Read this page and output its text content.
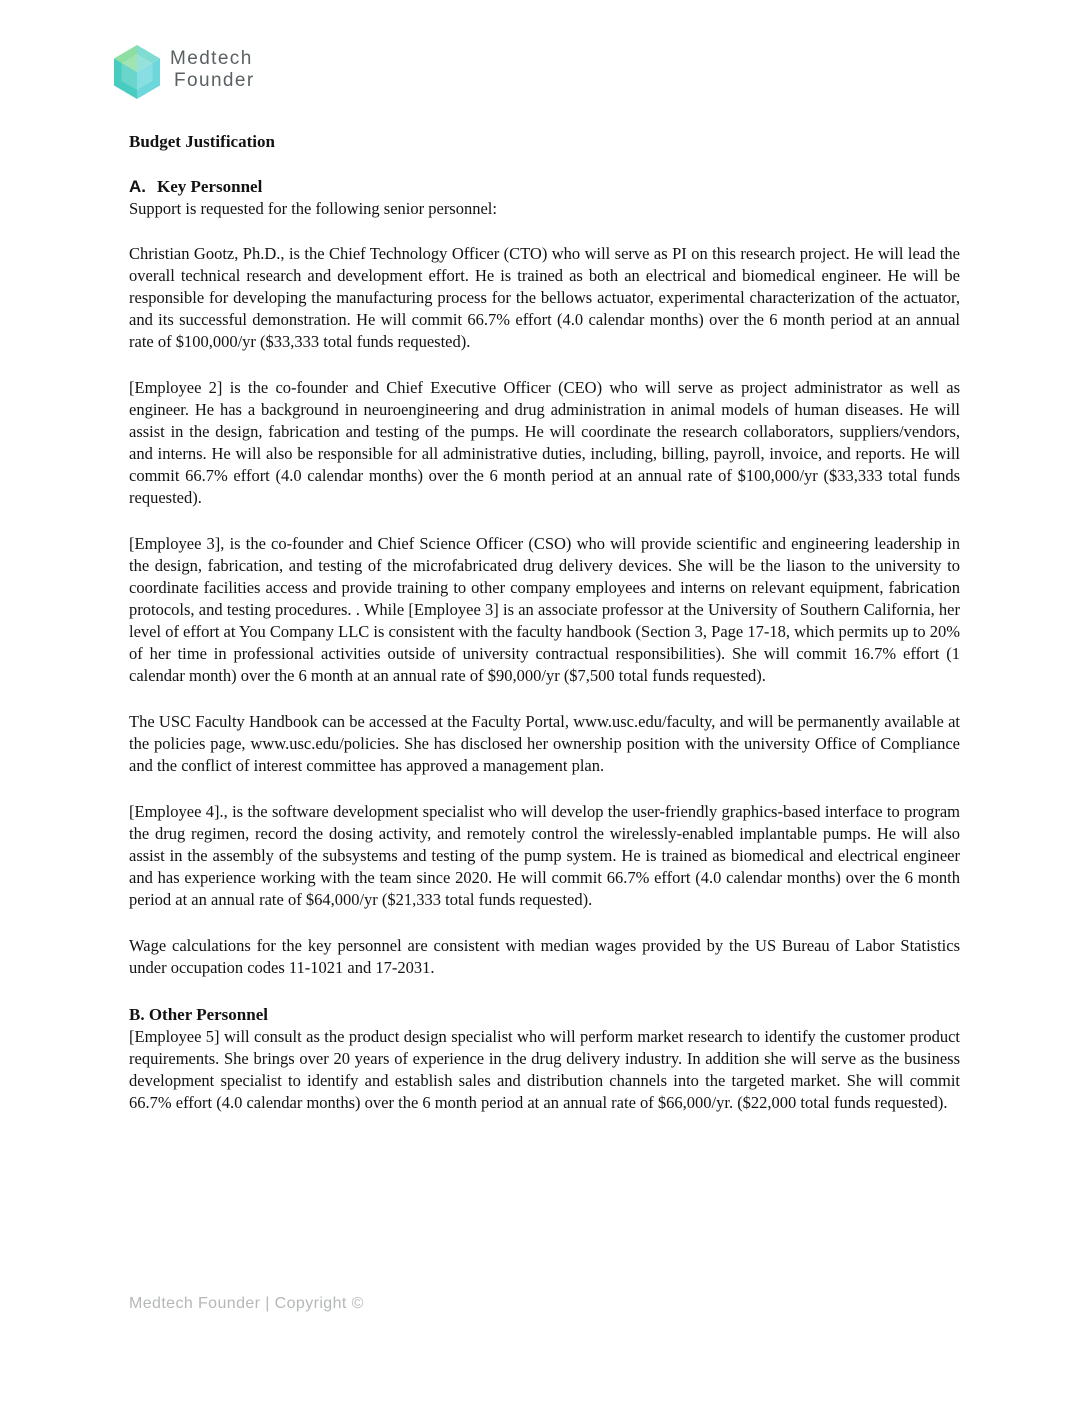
Medtech
Founder
Budget Justification
A. Key Personnel

Support is requested for the following senior personnel:

Christian Gootz, Ph.D., is the Chief Technology Officer (CTO) who will serve as PI on this research project. He will lead the overall technical research and development effort. He is trained as both an electrical and biomedical engineer. He will be responsible for developing the manufacturing process for the bellows actuator, experimental characterization of the actuator, and its successful demonstration. He will commit 66.7% effort (4.0 calendar months) over the 6 month period at an annual rate of $100,000/yr ($33,333 total funds requested).

[Employee 2] is the co-founder and Chief Executive Officer (CEO) who will serve as project administrator as well as engineer. He has a background in neuroengineering and drug administration in animal models of human diseases. He will assist in the design, fabrication and testing of the pumps. He will coordinate the research collaborators, suppliers/vendors, and interns. He will also be responsible for all administrative duties, including, billing, payroll, invoice, and reports. He will commit 66.7% effort (4.0 calendar months) over the 6 month period at an annual rate of $100,000/yr ($33,333 total funds requested).

[Employee 3], is the co-founder and Chief Science Officer (CSO) who will provide scientific and engineering leadership in the design, fabrication, and testing of the microfabricated drug delivery devices. She will be the liason to the university to coordinate facilities access and provide training to other company employees and interns on relevant equipment, fabrication protocols, and testing procedures. . While [Employee 3] is an associate professor at the University of Southern California, her level of effort at You Company LLC is consistent with the faculty handbook (Section 3, Page 17-18, which permits up to 20% of her time in professional activities outside of university contractual responsibilities). She will commit 16.7% effort (1 calendar month) over the 6 month at an annual rate of $90,000/yr ($7,500 total funds requested).

The USC Faculty Handbook can be accessed at the Faculty Portal, www.usc.edu/faculty, and will be permanently available at the policies page, www.usc.edu/policies. She has disclosed her ownership position with the university Office of Compliance and the conflict of interest committee has approved a management plan.

[Employee 4]., is the software development specialist who will develop the user-friendly graphics-based interface to program the drug regimen, record the dosing activity, and remotely control the wirelessly-enabled implantable pumps. He will also assist in the assembly of the subsystems and testing of the pump system. He is trained as biomedical and electrical engineer and has experience working with the team since 2020. He will commit 66.7% effort (4.0 calendar months) over the 6 month period at an annual rate of $64,000/yr ($21,333 total funds requested).

Wage calculations for the key personnel are consistent with median wages provided by the US Bureau of Labor Statistics under occupation codes 11-1021 and 17-2031.

B. Other Personnel

[Employee 5] will consult as the product design specialist who will perform market research to identify the customer product requirements. She brings over 20 years of experience in the drug delivery industry. In addition she will serve as the business development specialist to identify and establish sales and distribution channels into the targeted market. She will commit 66.7% effort (4.0 calendar months) over the 6 month period at an annual rate of $66,000/yr. ($22,000 total funds requested).

Medtech Founder | Copyright ©
